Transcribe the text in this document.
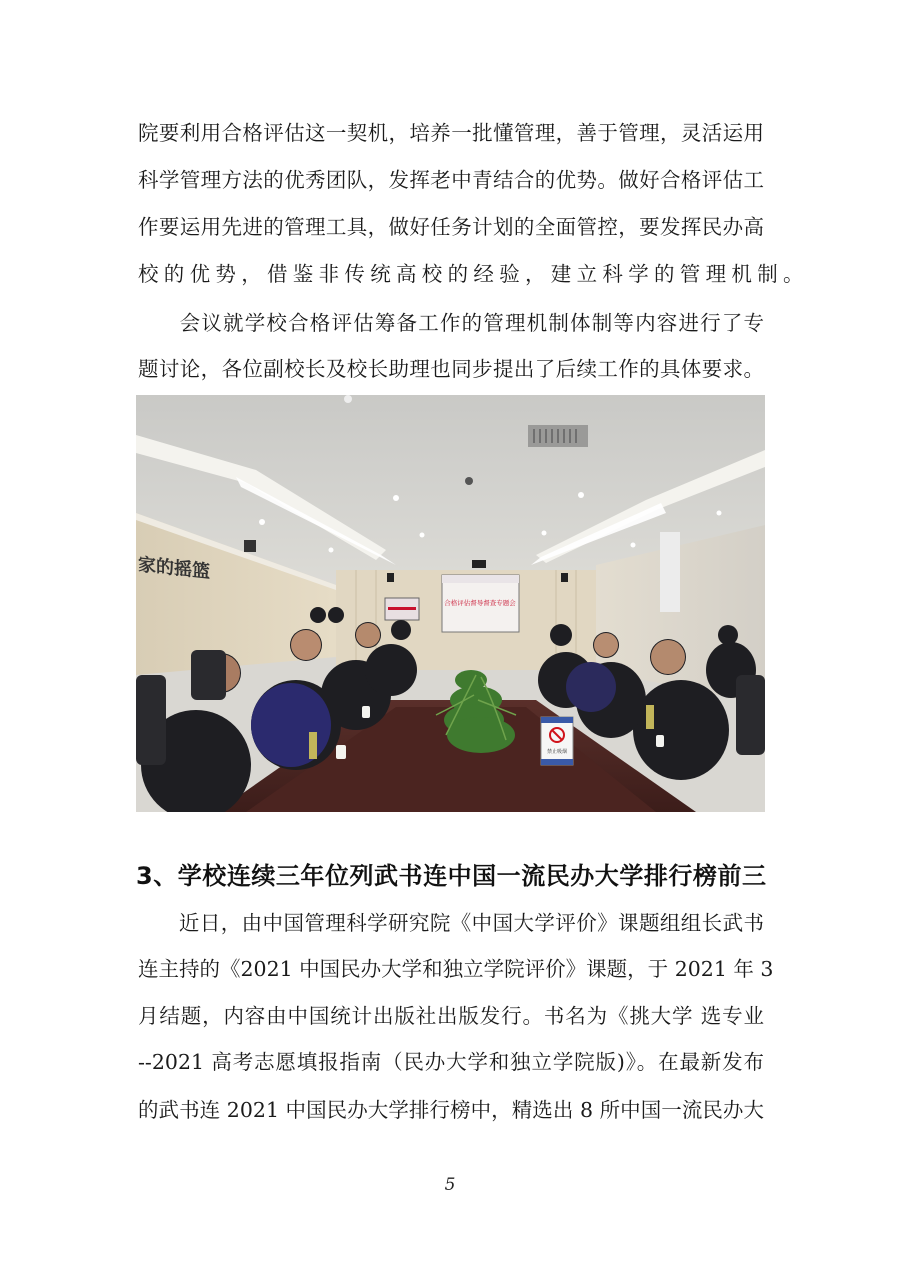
院要利用合格评估这一契机，培养一批懂管理，善于管理，灵活运用
科学管理方法的优秀团队，发挥老中青结合的优势。做好合格评估工
作要运用先进的管理工具，做好任务计划的全面管控，要发挥民办高
校的优势，借鉴非传统高校的经验，建立科学的管理机制。
　会议就学校合格评估筹备工作的管理机制体制等内容进行了专
题讨论，各位副校长及校长助理也同步提出了后续工作的具体要求。
家的摇篮
合格评估督导督查专题会
禁止吸烟
3、学校连续三年位列武书连中国一流民办大学排行榜前三
　近日，由中国管理科学研究院《中国大学评价》课题组组长武书
连主持的《2021 中国民办大学和独立学院评价》课题，于 2021 年 3
月结题，内容由中国统计出版社出版发行。书名为《挑大学 选专业
--2021 高考志愿填报指南（民办大学和独立学院版)》。在最新发布
的武书连 2021 中国民办大学排行榜中，精选出 8 所中国一流民办大
5
